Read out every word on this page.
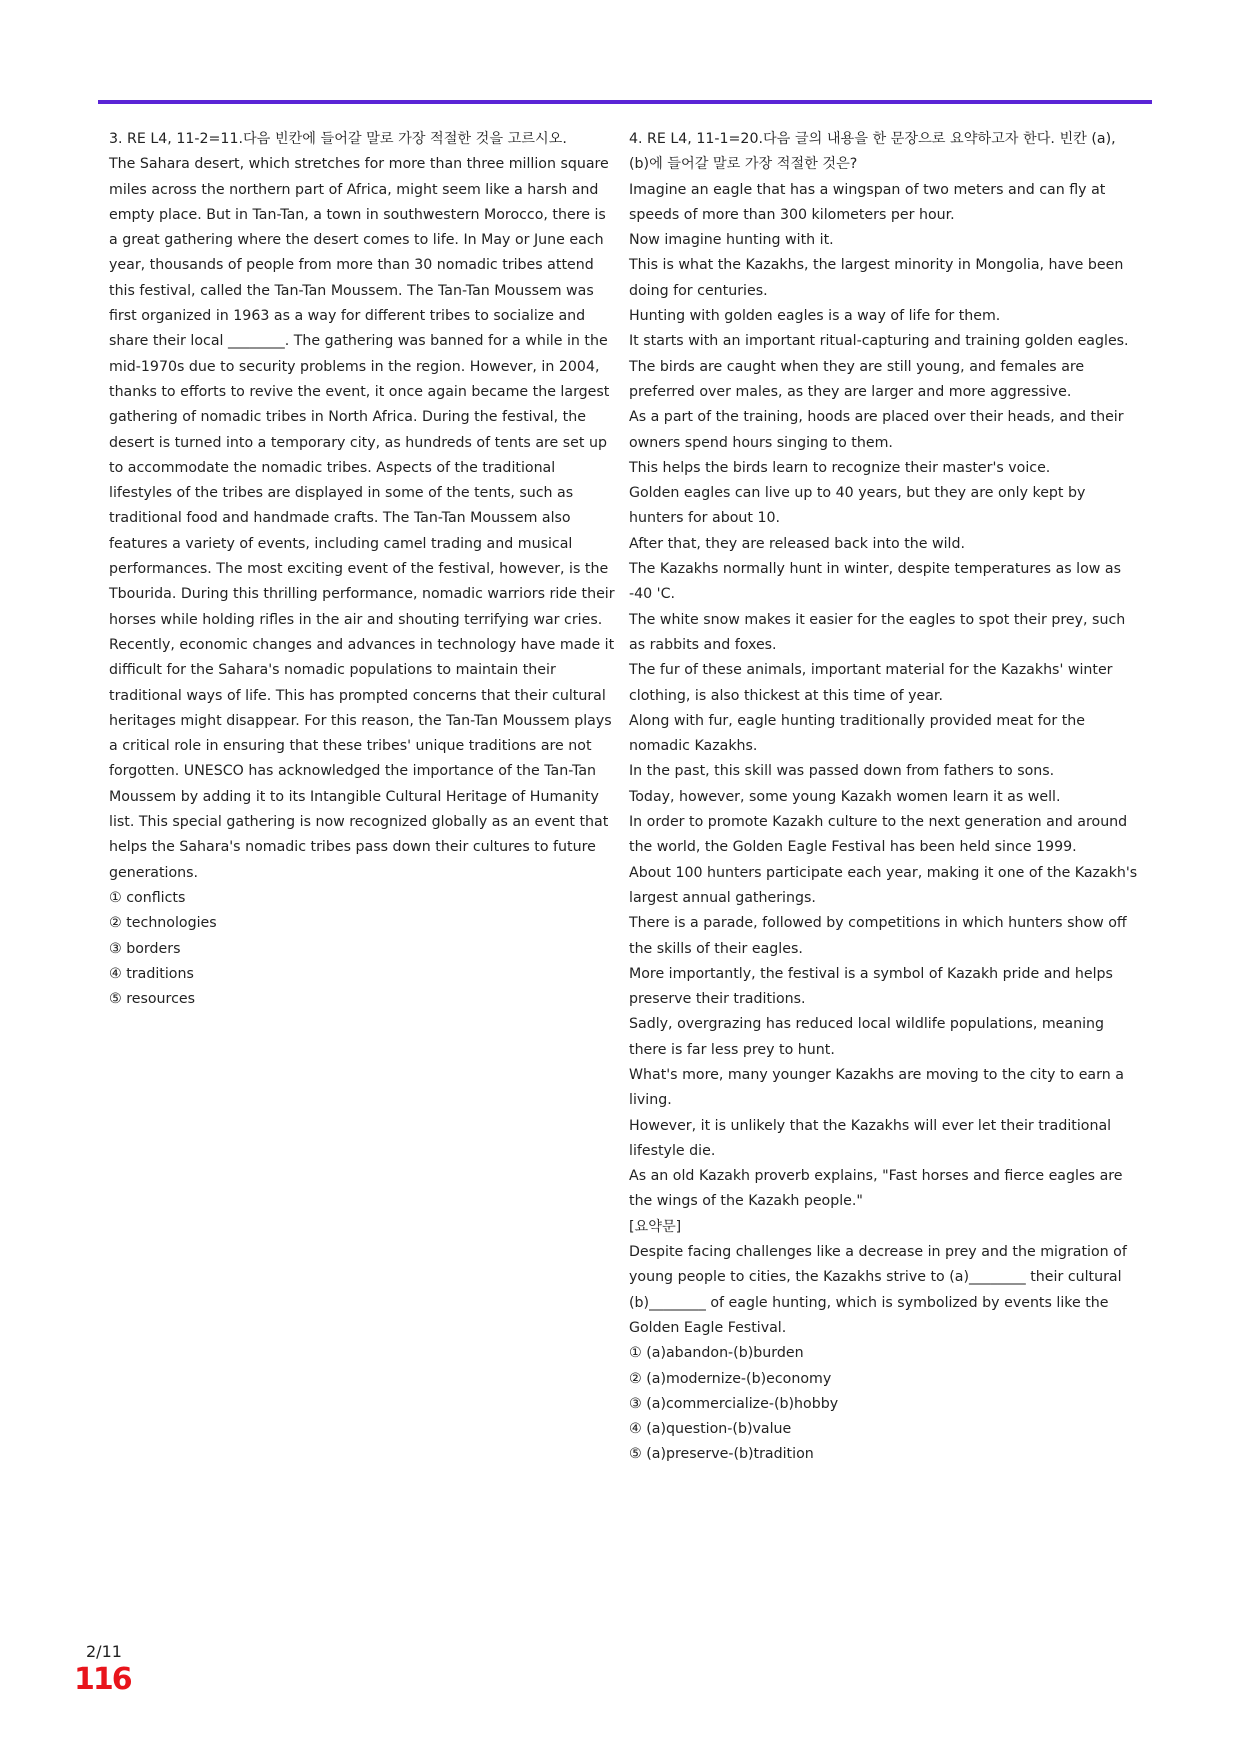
3. RE L4, 11-2=11.다음 빈칸에 들어갈 말로 가장 적절한 것을 고르시오.

The Sahara desert, which stretches for more than three million square miles across the northern part of Africa, might seem like a harsh and empty place. But in Tan-Tan, a town in southwestern Morocco, there is a great gathering where the desert comes to life. In May or June each year, thousands of people from more than 30 nomadic tribes attend this festival, called the Tan-Tan Moussem. The Tan-Tan Moussem was first organized in 1963 as a way for different tribes to socialize and share their local ________. The gathering was banned for a while in the mid-1970s due to security problems in the region. However, in 2004, thanks to efforts to revive the event, it once again became the largest gathering of nomadic tribes in North Africa. During the festival, the desert is turned into a temporary city, as hundreds of tents are set up to accommodate the nomadic tribes. Aspects of the traditional lifestyles of the tribes are displayed in some of the tents, such as traditional food and handmade crafts. The Tan-Tan Moussem also features a variety of events, including camel trading and musical performances. The most exciting event of the festival, however, is the Tbourida. During this thrilling performance, nomadic warriors ride their horses while holding rifles in the air and shouting terrifying war cries. Recently, economic changes and advances in technology have made it difficult for the Sahara's nomadic populations to maintain their traditional ways of life. This has prompted concerns that their cultural heritages might disappear. For this reason, the Tan-Tan Moussem plays a critical role in ensuring that these tribes' unique traditions are not forgotten. UNESCO has acknowledged the importance of the Tan-Tan Moussem by adding it to its Intangible Cultural Heritage of Humanity list. This special gathering is now recognized globally as an event that helps the Sahara's nomadic tribes pass down their cultures to future generations.

① conflicts

② technologies

③ borders

④ traditions

⑤ resources

4. RE L4, 11-1=20.다음 글의 내용을 한 문장으로 요약하고자 한다. 빈칸 (a), (b)에 들어갈 말로 가장 적절한 것은?

Imagine an eagle that has a wingspan of two meters and can fly at speeds of more than 300 kilometers per hour.

Now imagine hunting with it.

This is what the Kazakhs, the largest minority in Mongolia, have been doing for centuries.

Hunting with golden eagles is a way of life for them.

It starts with an important ritual-capturing and training golden eagles.

The birds are caught when they are still young, and females are preferred over males, as they are larger and more aggressive.

As a part of the training, hoods are placed over their heads, and their owners spend hours singing to them.

This helps the birds learn to recognize their master's voice.

Golden eagles can live up to 40 years, but they are only kept by hunters for about 10.

After that, they are released back into the wild.

The Kazakhs normally hunt in winter, despite temperatures as low as -40 'C.

The white snow makes it easier for the eagles to spot their prey, such as rabbits and foxes.

The fur of these animals, important material for the Kazakhs' winter clothing, is also thickest at this time of year.

Along with fur, eagle hunting traditionally provided meat for the nomadic Kazakhs.

In the past, this skill was passed down from fathers to sons.

Today, however, some young Kazakh women learn it as well.

In order to promote Kazakh culture to the next generation and around the world, the Golden Eagle Festival has been held since 1999.

About 100 hunters participate each year, making it one of the Kazakh's largest annual gatherings.

There is a parade, followed by competitions in which hunters show off the skills of their eagles.

More importantly, the festival is a symbol of Kazakh pride and helps preserve their traditions.

Sadly, overgrazing has reduced local wildlife populations, meaning there is far less prey to hunt.

What's more, many younger Kazakhs are moving to the city to earn a living.

However, it is unlikely that the Kazakhs will ever let their traditional lifestyle die.

As an old Kazakh proverb explains, "Fast horses and fierce eagles are the wings of the Kazakh people."

[요약문]

Despite facing challenges like a decrease in prey and the migration of young people to cities, the Kazakhs strive to (a)________ their cultural (b)________ of eagle hunting, which is symbolized by events like the Golden Eagle Festival.

① (a)abandon-(b)burden

② (a)modernize-(b)economy

③ (a)commercialize-(b)hobby

④ (a)question-(b)value

⑤ (a)preserve-(b)tradition

2/11
116
